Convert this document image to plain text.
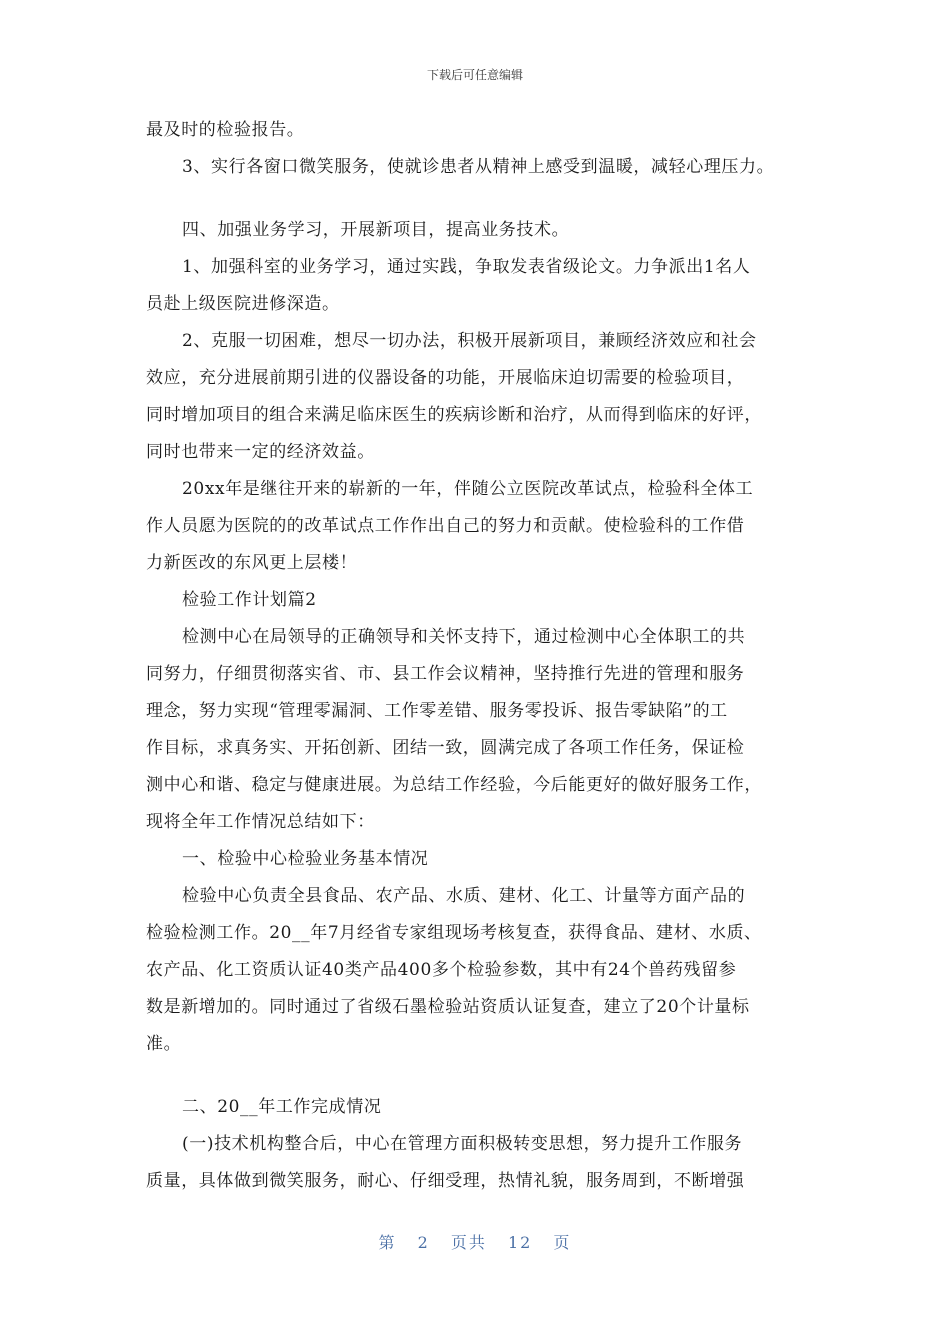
下载后可任意编辑
最及时的检验报告。
3、实行各窗口微笑服务，使就诊患者从精神上感受到温暖，减轻心理压力。
四、加强业务学习，开展新项目，提高业务技术。
1、加强科室的业务学习，通过实践，争取发表省级论文。力争派出1名人
员赴上级医院进修深造。
2、克服一切困难，想尽一切办法，积极开展新项目，兼顾经济效应和社会
效应，充分进展前期引进的仪器设备的功能，开展临床迫切需要的检验项目，
同时增加项目的组合来满足临床医生的疾病诊断和治疗，从而得到临床的好评，
同时也带来一定的经济效益。
20xx年是继往开来的崭新的一年，伴随公立医院改革试点，检验科全体工
作人员愿为医院的的改革试点工作作出自己的努力和贡献。使检验科的工作借
力新医改的东风更上层楼！
检验工作计划篇2
检测中心在局领导的正确领导和关怀支持下，通过检测中心全体职工的共
同努力，仔细贯彻落实省、市、县工作会议精神，坚持推行先进的管理和服务
理念，努力实现“管理零漏洞、工作零差错、服务零投诉、报告零缺陷”的工
作目标，求真务实、开拓创新、团结一致，圆满完成了各项工作任务，保证检
测中心和谐、稳定与健康进展。为总结工作经验，今后能更好的做好服务工作，
现将全年工作情况总结如下：
一、检验中心检验业务基本情况
检验中心负责全县食品、农产品、水质、建材、化工、计量等方面产品的
检验检测工作。20__年7月经省专家组现场考核复查，获得食品、建材、水质、
农产品、化工资质认证40类产品400多个检验参数，其中有24个兽药残留参
数是新增加的。同时通过了省级石墨检验站资质认证复查，建立了20个计量标
准。
二、20__年工作完成情况
(一)技术机构整合后，中心在管理方面积极转变思想，努力提升工作服务
质量，具体做到微笑服务，耐心、仔细受理，热情礼貌，服务周到，不断增强
第 2 页共 12 页
